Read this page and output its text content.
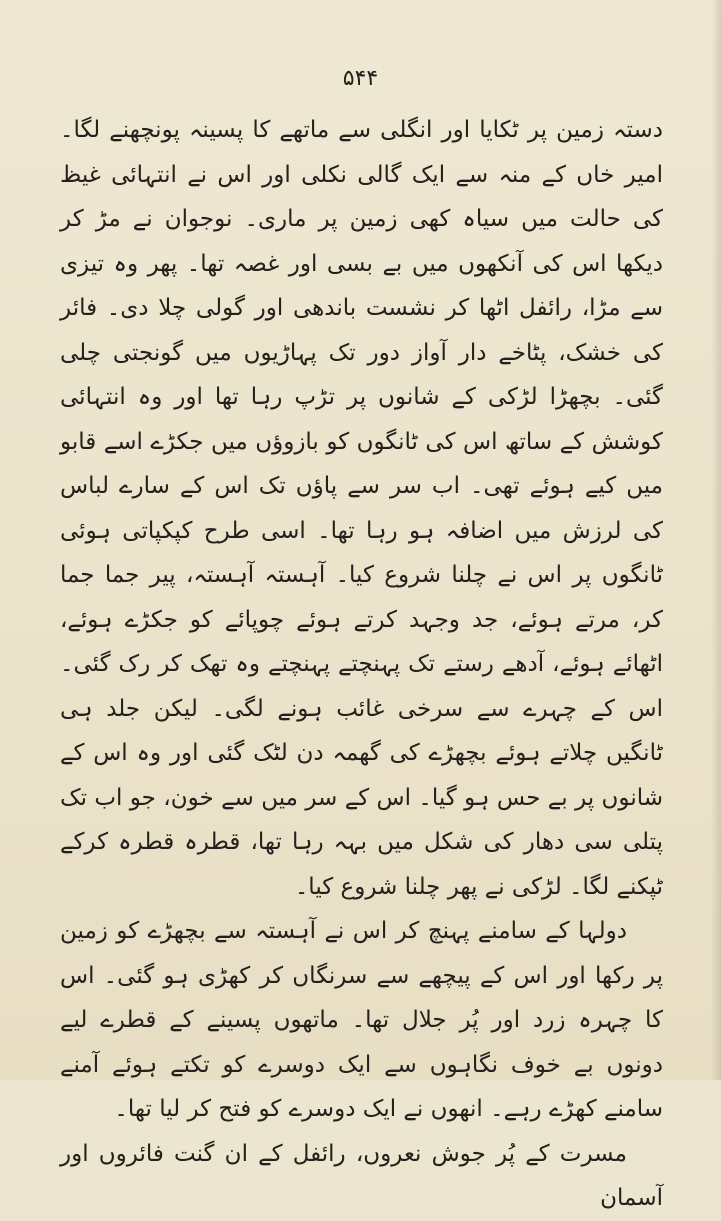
۵۴۴

دستہ زمین پر ٹکایا اور انگلی سے ماتھے کا پسینہ پونچھنے لگا۔ امیر خاں کے منہ سے ایک گالی نکلی اور اس نے انتہائی غیظ کی حالت میں سیاہ کھی زمین پر ماری۔ نوجوان نے مڑ کر دیکھا اس کی آنکھوں میں بے بسی اور غصہ تھا۔ پھر وہ تیزی سے مڑا، رائفل اٹھا کر نشست باندھی اور گولی چلا دی۔ فائر کی خشک، پٹاخے دار آواز دور تک پہاڑیوں میں گونجتی چلی گئی۔ بچھڑا لڑکی کے شانوں پر تڑپ رہا تھا اور وہ انتہائی کوشش کے ساتھ اس کی ٹانگوں کو بازوؤں میں جکڑے اسے قابو میں کیے ہوئے تھی۔ اب سر سے پاؤں تک اس کے سارے لباس کی لرزش میں اضافہ ہو رہا تھا۔ اسی طرح کپکپاتی ہوئی ٹانگوں پر اس نے چلنا شروع کیا۔ آہستہ آہستہ، پیر جما جما کر، مرتے ہوئے، جد وجہد کرتے ہوئے چوپائے کو جکڑے ہوئے، اٹھائے ہوئے، آدھے رستے تک پہنچتے پہنچتے وہ تھک کر رک گئی۔ اس کے چہرے سے سرخی غائب ہونے لگی۔ لیکن جلد ہی ٹانگیں چلاتے ہوئے بچھڑے کی گھمہ دن لٹک گئی اور وہ اس کے شانوں پر بے حس ہو گیا۔ اس کے سر میں سے خون، جو اب تک پتلی سی دھار کی شکل میں بہہ رہا تھا، قطرہ قطرہ کرکے ٹپکنے لگا۔ لڑکی نے پھر چلنا شروع کیا۔

دولہا کے سامنے پہنچ کر اس نے آہستہ سے بچھڑے کو زمین پر رکھا اور اس کے پیچھے سے سرنگاں کر کھڑی ہو گئی۔ اس کا چہرہ زرد اور پُر جلال تھا۔ ماتھوں پسینے کے قطرے لیے دونوں بے خوف نگاہوں سے ایک دوسرے کو تکتے ہوئے آمنے سامنے کھڑے رہے۔ انھوں نے ایک دوسرے کو فتح کر لیا تھا۔

مسرت کے پُر جوش نعروں، رائفل کے ان گنت فائروں اور آسمان
